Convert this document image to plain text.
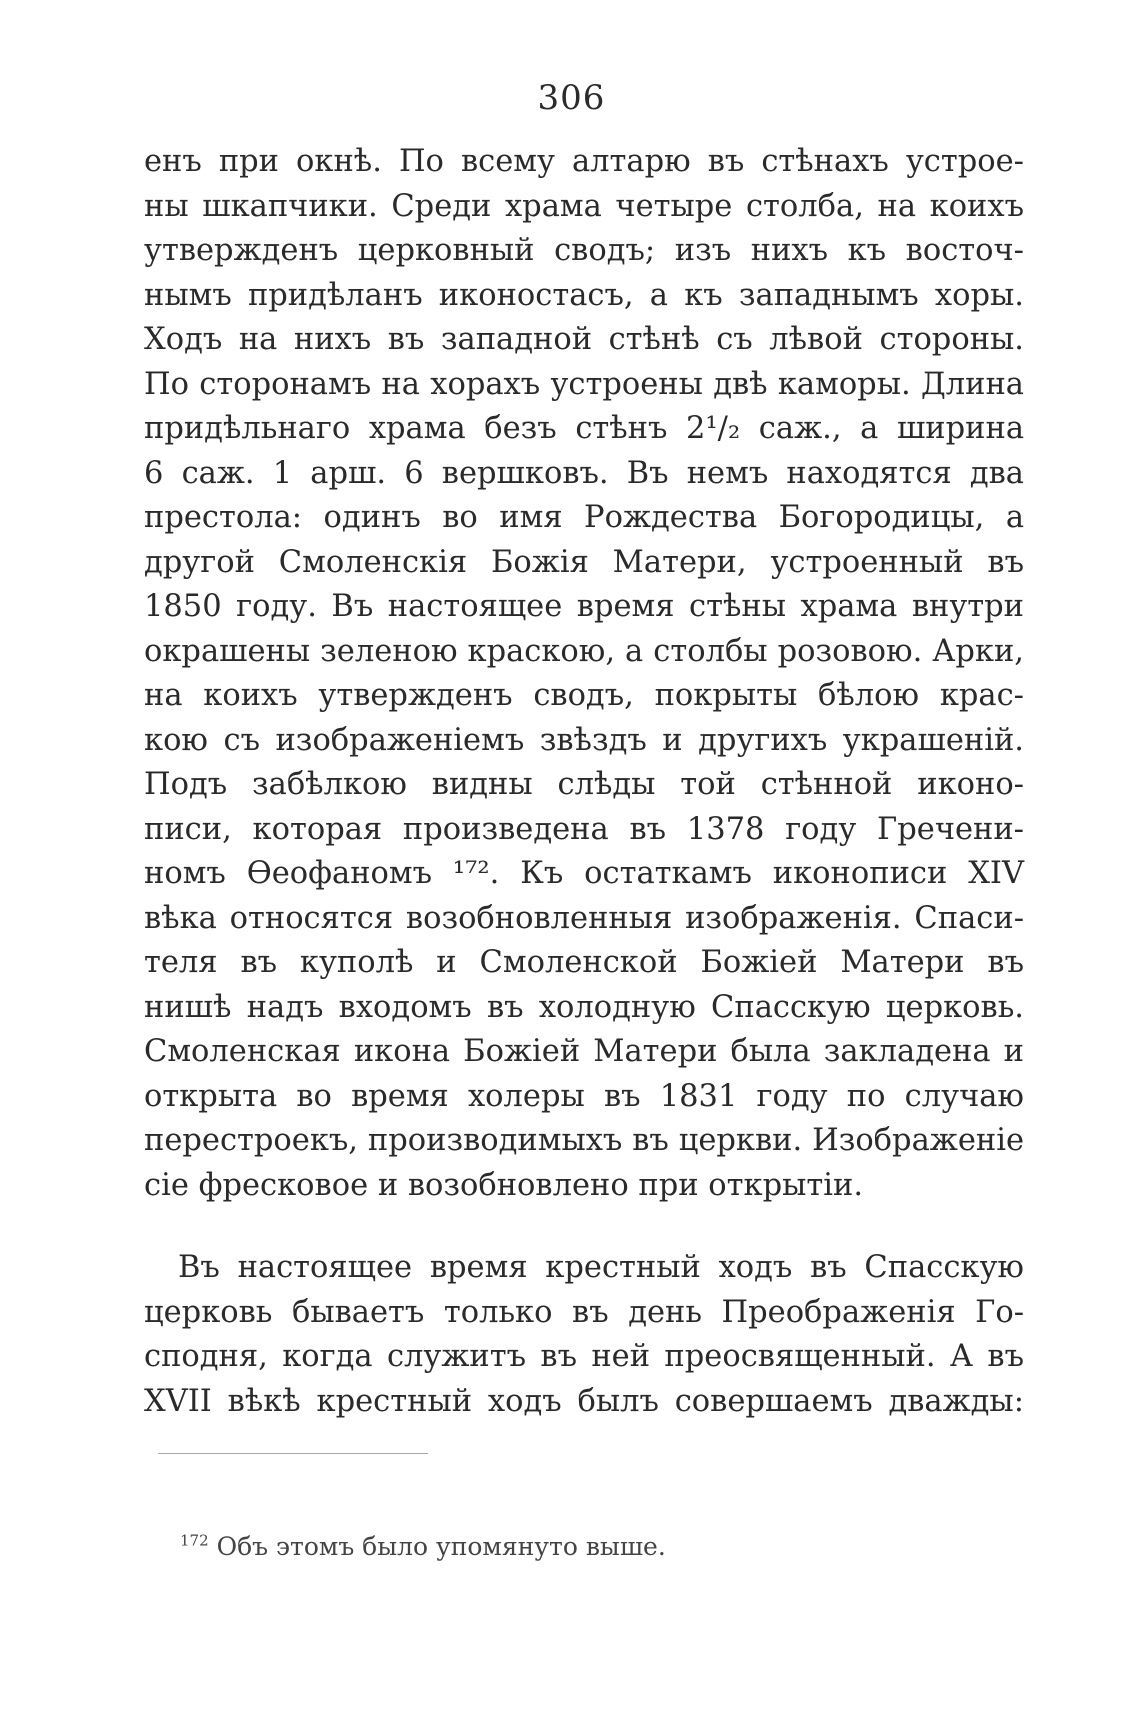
306
енъ при окнѣ. По всему алтарю въ стѣнахъ устрое-
ны шкапчики. Среди храма четыре столба, на коихъ
утвержденъ церковный сводъ; изъ нихъ къ восточ-
нымъ придѣланъ иконостасъ, а къ западнымъ хоры.
Ходъ на нихъ въ западной стѣнѣ съ лѣвой стороны.
По сторонамъ на хорахъ устроены двѣ каморы. Длина
придѣльнаго храма безъ стѣнъ 2¹/₂ саж., а ширина
6 саж. 1 арш. 6 вершковъ. Въ немъ находятся два
престола: одинъ во имя Рождества Богородицы, а
другой Смоленскія Божія Матери, устроенный въ
1850 году. Въ настоящее время стѣны храма внутри
окрашены зеленою краскою, а столбы розовою. Арки,
на коихъ утвержденъ сводъ, покрыты бѣлою крас-
кою съ изображеніемъ звѣздъ и другихъ украшеній.
Подъ забѣлкою видны слѣды той стѣнной иконо-
писи, которая произведена въ 1378 году Гречени-
номъ Ѳеофаномъ ¹⁷². Къ остаткамъ иконописи XIV
вѣка относятся возобновленныя изображенія. Спаси-
теля въ куполѣ и Смоленской Божіей Матери въ
нишѣ надъ входомъ въ холодную Спасскую церковь.
Смоленская икона Божіей Матери была закладена и
открыта во время холеры въ 1831 году по случаю
перестроекъ, производимыхъ въ церкви. Изображеніе
сіе фресковое и возобновлено при открытіи.
Въ настоящее время крестный ходъ въ Спасскую
церковь бываетъ только въ день Преображенія Го-
сподня, когда служитъ въ ней преосвященный. А въ
XVII вѣкѣ крестный ходъ былъ совершаемъ дважды:
$^{172}$ Объ этомъ было упомянуто выше.
